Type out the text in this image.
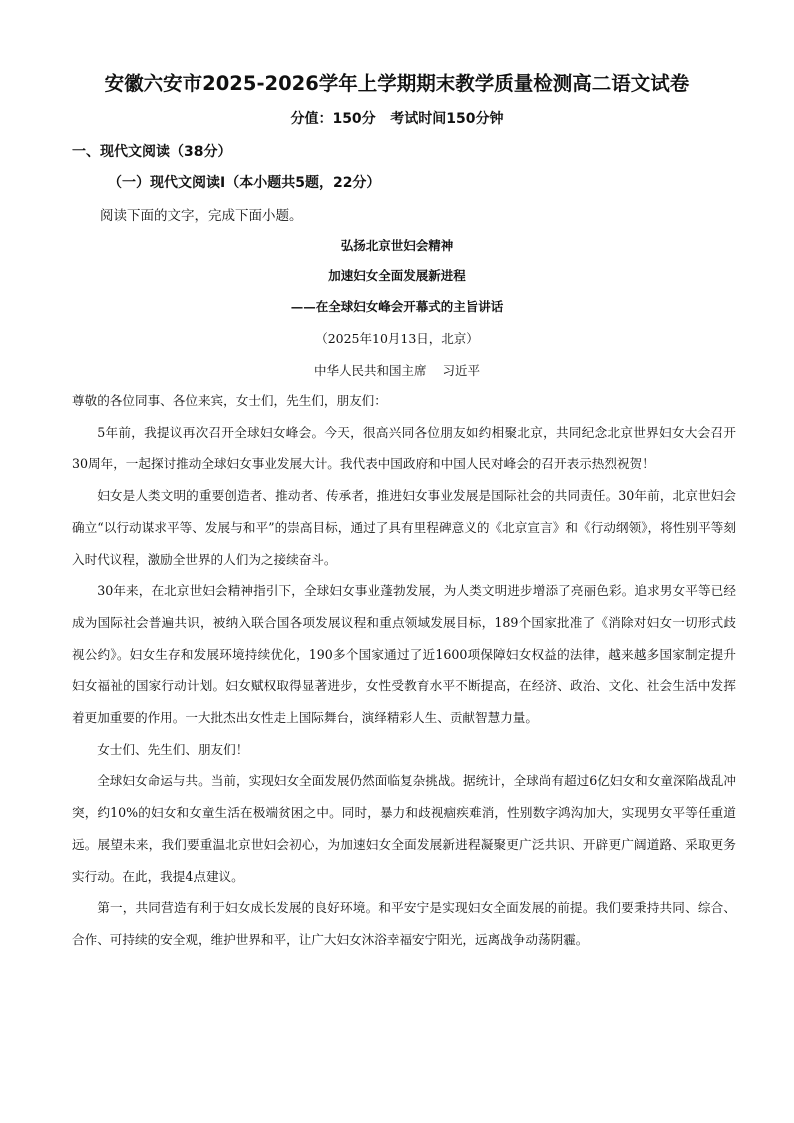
安徽六安市2025-2026学年上学期期末教学质量检测高二语文试卷
分值：150分   考试时间150分钟
一、现代文阅读（38分）
（一）现代文阅读Ⅰ（本小题共5题，22分）
阅读下面的文字，完成下面小题。
弘扬北京世妇会精神
加速妇女全面发展新进程
——在全球妇女峰会开幕式的主旨讲话
（2025年10月13日，北京）
中华人民共和国主席    习近平

尊敬的各位同事、各位来宾，女士们，先生们，朋友们：

5年前，我提议再次召开全球妇女峰会。今天，很高兴同各位朋友如约相聚北京，共同纪念北京世界妇女大会召开30周年，一起探讨推动全球妇女事业发展大计。我代表中国政府和中国人民对峰会的召开表示热烈祝贺！

妇女是人类文明的重要创造者、推动者、传承者，推进妇女事业发展是国际社会的共同责任。30年前，北京世妇会确立“以行动谋求平等、发展与和平”的崇高目标，通过了具有里程碑意义的《北京宣言》和《行动纲领》，将性别平等刻入时代议程，激励全世界的人们为之接续奋斗。

30年来，在北京世妇会精神指引下，全球妇女事业蓬勃发展，为人类文明进步增添了亮丽色彩。追求男女平等已经成为国际社会普遍共识，被纳入联合国各项发展议程和重点领域发展目标，189个国家批准了《消除对妇女一切形式歧视公约》。妇女生存和发展环境持续优化，190多个国家通过了近1600项保障妇女权益的法律，越来越多国家制定提升妇女福祉的国家行动计划。妇女赋权取得显著进步，女性受教育水平不断提高，在经济、政治、文化、社会生活中发挥着更加重要的作用。一大批杰出女性走上国际舞台，演绎精彩人生、贡献智慧力量。

女士们、先生们、朋友们！

全球妇女命运与共。当前，实现妇女全面发展仍然面临复杂挑战。据统计，全球尚有超过6亿妇女和女童深陷战乱冲突，约10%的妇女和女童生活在极端贫困之中。同时，暴力和歧视痼疾难消，性别数字鸿沟加大，实现男女平等任重道远。展望未来，我们要重温北京世妇会初心，为加速妇女全面发展新进程凝聚更广泛共识、开辟更广阔道路、采取更务实行动。在此，我提4点建议。

第一，共同营造有利于妇女成长发展的良好环境。和平安宁是实现妇女全面发展的前提。我们要秉持共同、综合、合作、可持续的安全观，维护世界和平，让广大妇女沐浴幸福安宁阳光，远离战争动荡阴霾。
